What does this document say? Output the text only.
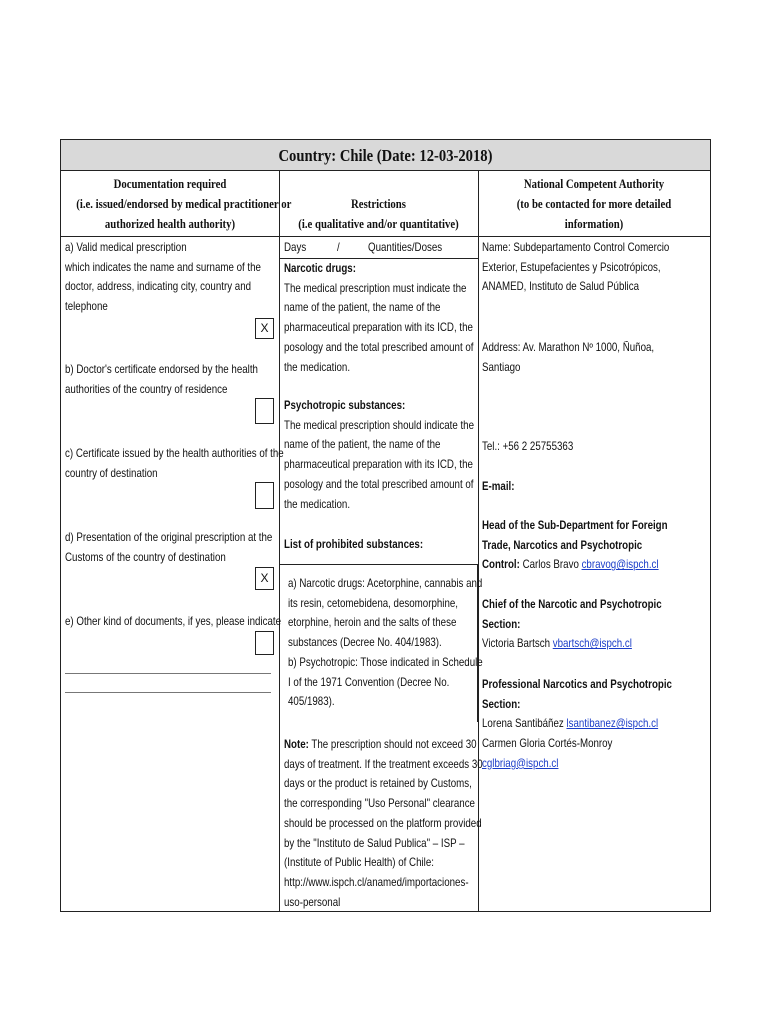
Country: Chile (Date: 12-03-2018)
Documentation required
(i.e. issued/endorsed by medical practitioner or
authorized health authority)
Restrictions
(i.e qualitative and/or quantitative)
National Competent Authority
(to be contacted for more detailed
information)
a) Valid medical prescription
which indicates the name and surname of the
doctor, address, indicating city, country and
telephone
X
b) Doctor's certificate endorsed by the health
authorities of the country of residence
c) Certificate issued by the health authorities of the
country of destination
d) Presentation of the original prescription at the
Customs of the country of destination
X
e) Other kind of documents, if yes, please indicate
Days	/ Quantities/Doses
Narcotic drugs:
The medical prescription must indicate the
name of the patient, the name of the
pharmaceutical preparation with its ICD, the
posology and the total prescribed amount of
the medication.
Psychotropic substances:
The medical prescription should indicate the
name of the patient, the name of the
pharmaceutical preparation with its ICD, the
posology and the total prescribed amount of
the medication.
List of prohibited substances:
a) Narcotic drugs: Acetorphine, cannabis and
its resin, cetomebidena, desomorphine,
etorphine, heroin and the salts of these
substances (Decree No. 404/1983).
b) Psychotropic: Those indicated in Schedule
I of the 1971 Convention (Decree No.
405/1983).
Note: The prescription should not exceed 30
days of treatment. If the treatment exceeds 30
days or the product is retained by Customs,
the corresponding "Uso Personal" clearance
should be processed on the platform provided
by the "Instituto de Salud Publica" – ISP –
(Institute of Public Health) of Chile:
http://www.ispch.cl/anamed/importaciones-
uso-personal
Name: Subdepartamento Control Comercio
Exterior, Estupefacientes y Psicotrópicos,
ANAMED, Instituto de Salud Pública
Address: Av. Marathon Nº 1000, Ñuñoa,
Santiago
Tel.: +56 2 25755363
E-mail:
Head of the Sub-Department for Foreign
Trade, Narcotics and Psychotropic
Control: Carlos Bravo cbravog@ispch.cl
Chief of the Narcotic and Psychotropic
Section:
Victoria Bartsch vbartsch@ispch.cl
Professional Narcotics and Psychotropic
Section:
Lorena Santibáñez lsantibanez@ispch.cl
Carmen Gloria Cortés-Monroy
cglbriag@ispch.cl
